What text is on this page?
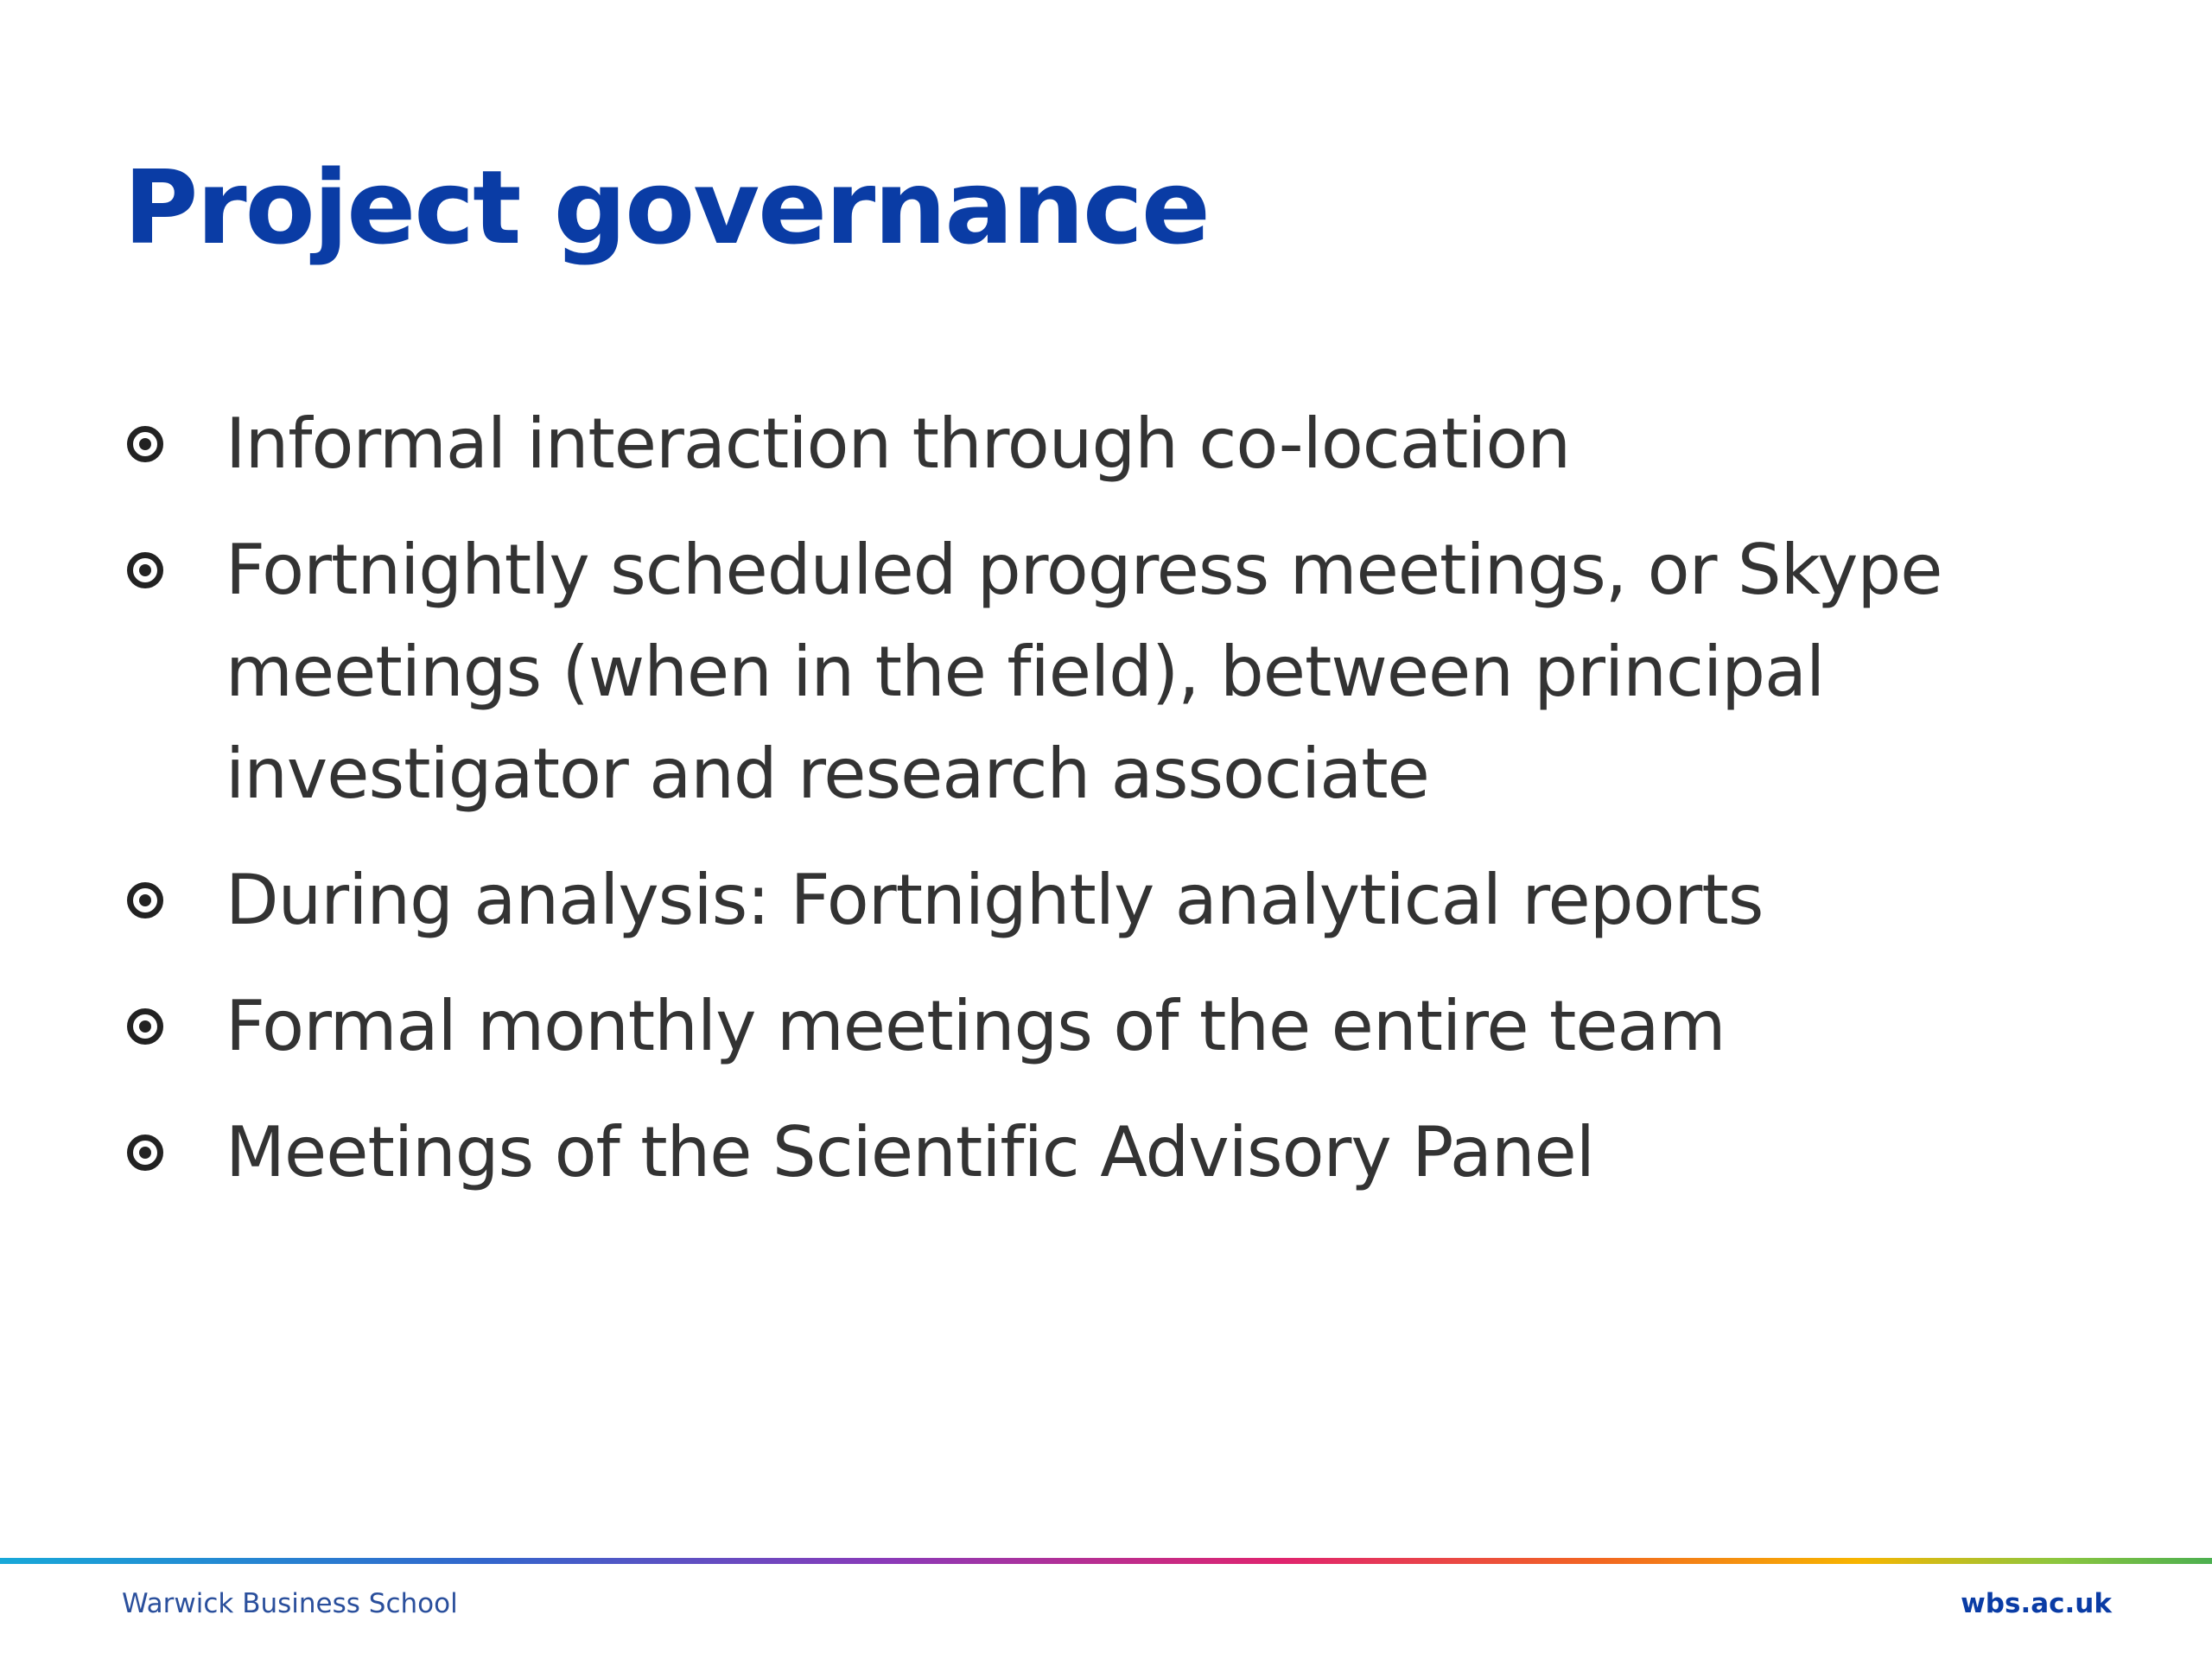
Project governance
Informal interaction through co-location
Fortnightly scheduled progress meetings, or Skype meetings (when in the field), between principal investigator and research associate
During analysis: Fortnightly analytical reports
Formal monthly meetings of the entire team
Meetings of the Scientific Advisory Panel
Warwick Business School	wbs.ac.uk
